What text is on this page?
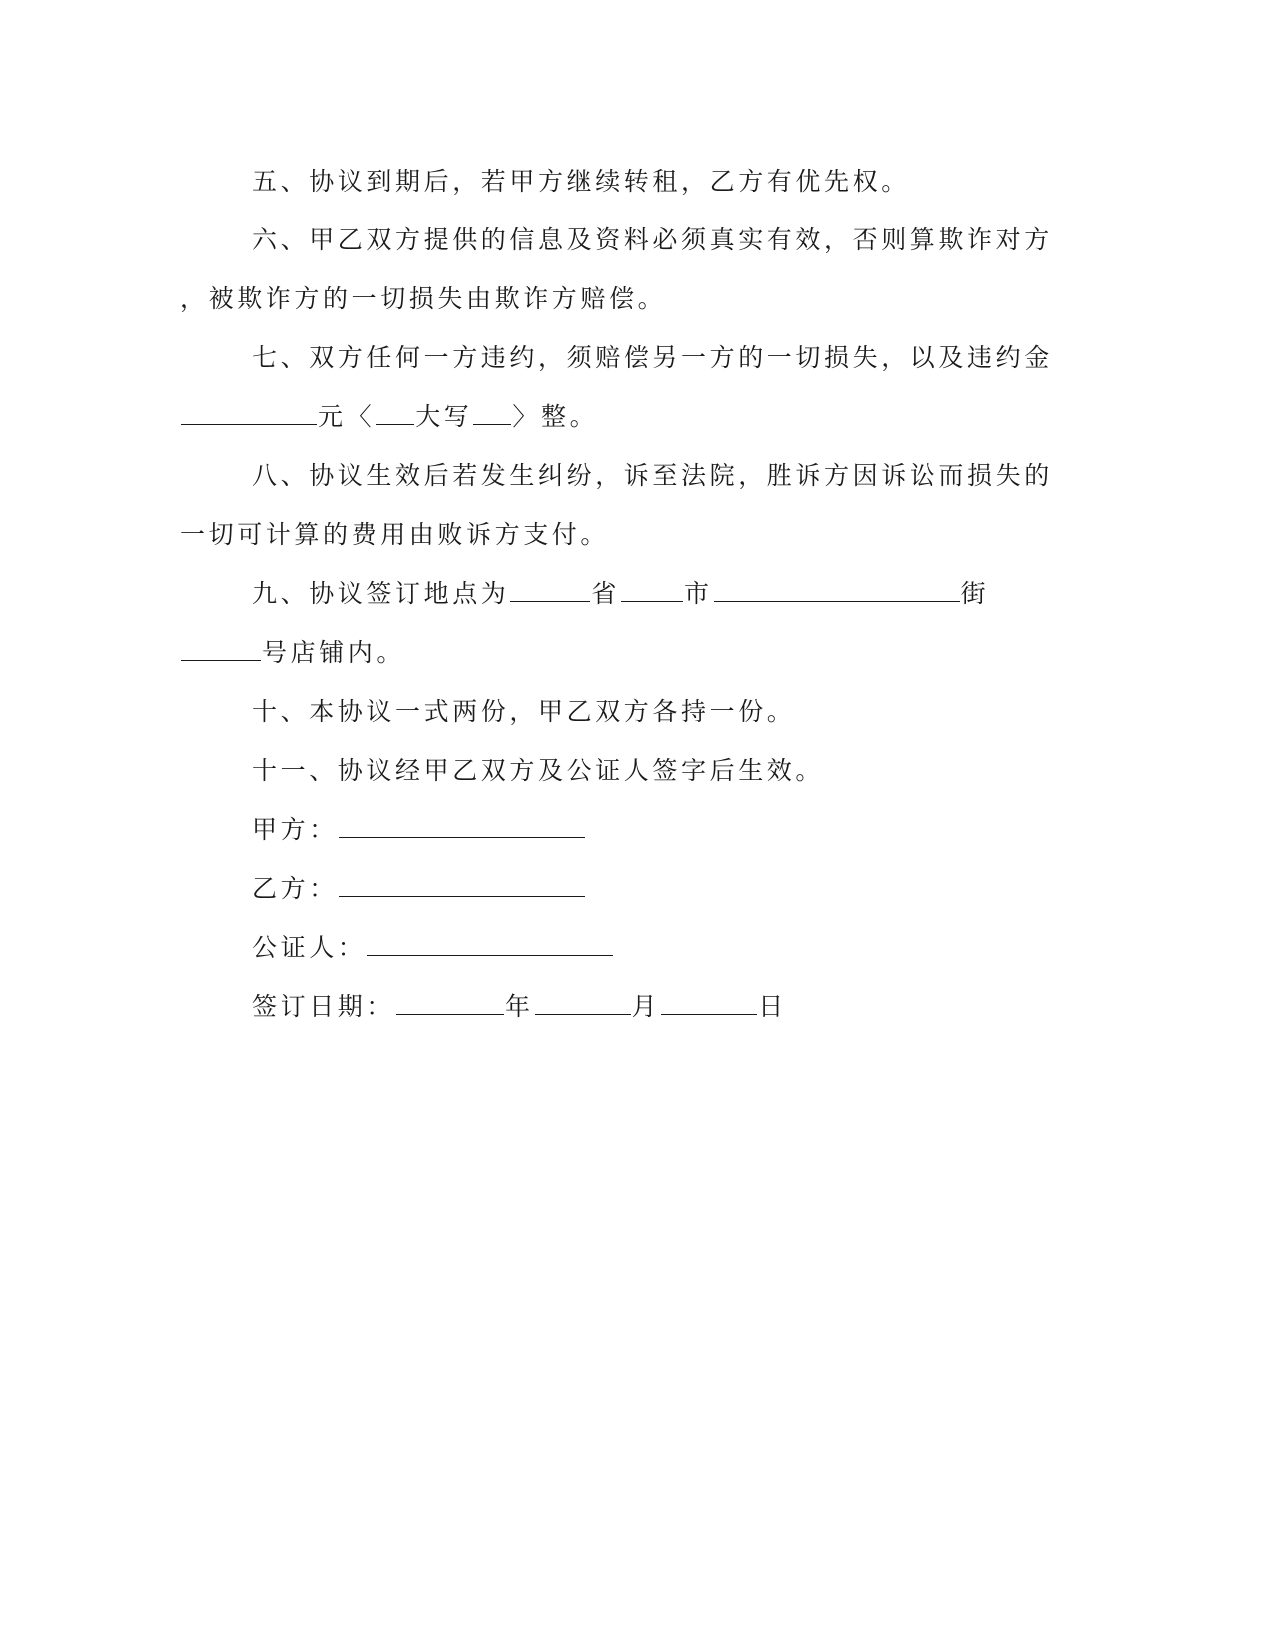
五、协议到期后，若甲方继续转租，乙方有优先权。
六、甲乙双方提供的信息及资料必须真实有效，否则算欺诈对方
，被欺诈方的一切损失由欺诈方赔偿。
七、双方任何一方违约，须赔偿另一方的一切损失，以及违约金
元〈 大写 〉整。
八、协议生效后若发生纠纷，诉至法院，胜诉方因诉讼而损失的
一切可计算的费用由败诉方支付。
九、协议签订地点为	省	市	街
号店铺内。
十、本协议一式两份，甲乙双方各持一份。
十一、协议经甲乙双方及公证人签字后生效。
甲方：
乙方：
公证人：
签订日期：	年	月	日
